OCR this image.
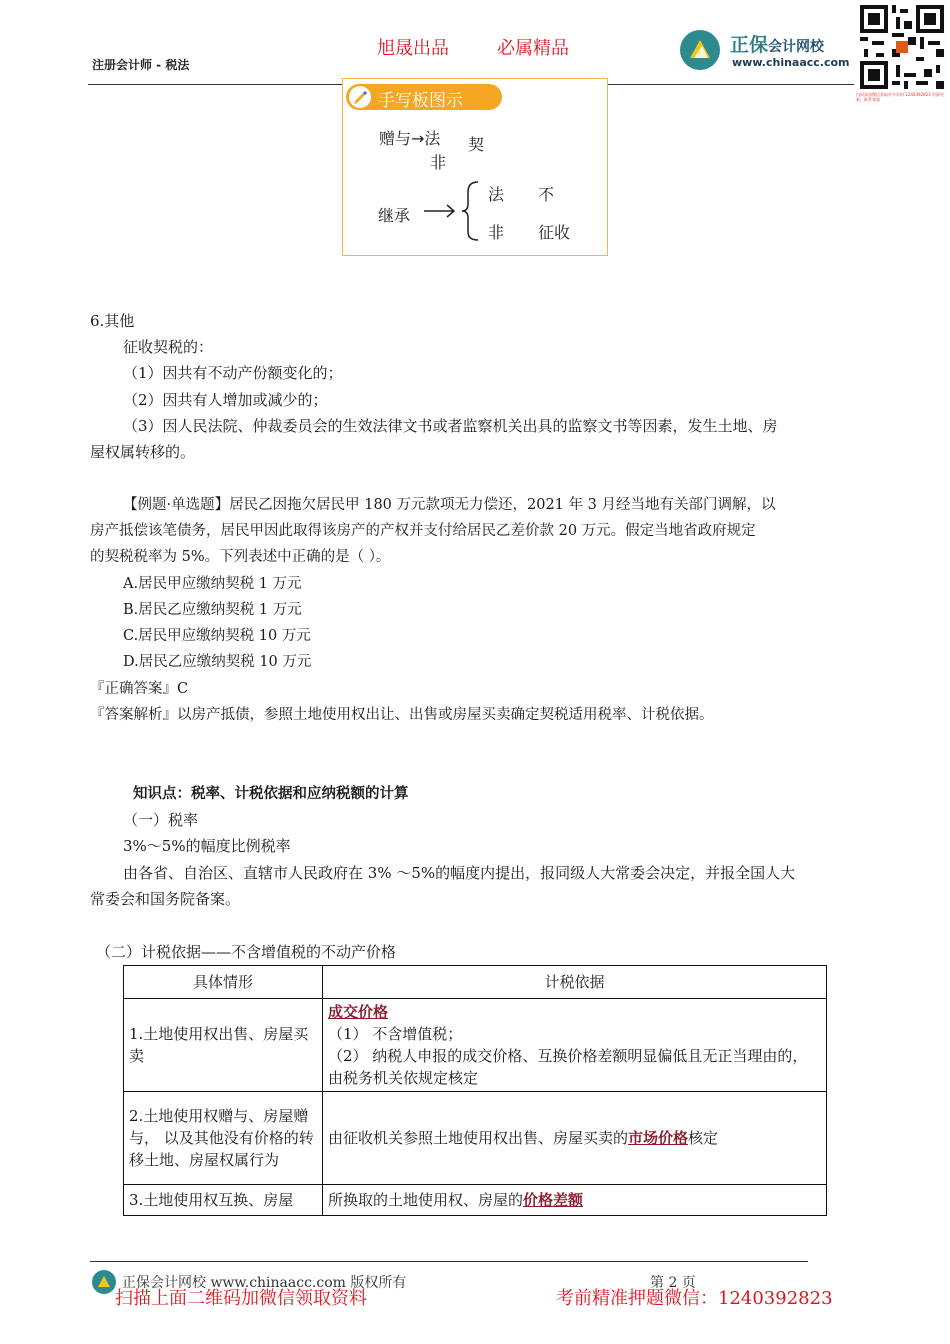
注册会计师 - 税法
旭晟出品	必属精品	正保会计网校
www.chinaacc.com
扫码添加微信获取更多资料 1240392823 资源更新，联系客服
手写板图示
赠与→法
非
契
继承
法 不
非 征收
6.其他
征收契税的：
（1）因共有不动产份额变化的；
（2）因共有人增加或减少的；
（3）因人民法院、仲裁委员会的生效法律文书或者监察机关出具的监察文书等因素，发生土地、房
屋权属转移的。
【例题·单选题】居民乙因拖欠居民甲 180 万元款项无力偿还，2021 年 3 月经当地有关部门调解，以
房产抵偿该笔债务，居民甲因此取得该房产的产权并支付给居民乙差价款 20 万元。假定当地省政府规定
的契税税率为 5%。下列表述中正确的是（ ）。
A.居民甲应缴纳契税 1 万元
B.居民乙应缴纳契税 1 万元
C.居民甲应缴纳契税 10 万元
D.居民乙应缴纳契税 10 万元
『正确答案』C
『答案解析』以房产抵债，参照土地使用权出让、出售或房屋买卖确定契税适用税率、计税依据。
知识点：税率、计税依据和应纳税额的计算
（一）税率
3%～5%的幅度比例税率
由各省、自治区、直辖市人民政府在 3% ～5%的幅度内提出，报同级人大常委会决定，并报全国人大
常委会和国务院备案。
（二）计税依据——不含增值税的不动产价格
具体情形	计税依据
1.土地使用权出售、房屋买卖	成交价格
（1） 不含增值税；
（2） 纳税人申报的成交价格、互换价格差额明显偏低且无正当理由的，由税务机关依规定核定

2.土地使用权赠与、房屋赠与， 以及其他没有价格的转移土地、房屋权属行为	由征收机关参照土地使用权出售、房屋买卖的市场价格核定
3.土地使用权互换、房屋	所换取的土地使用权、房屋的价格差额
正保会计网校 www.chinaacc.com 版权所有	第 2 页
扫描上面二维码加微信领取资料	考前精准押题微信：1240392823
